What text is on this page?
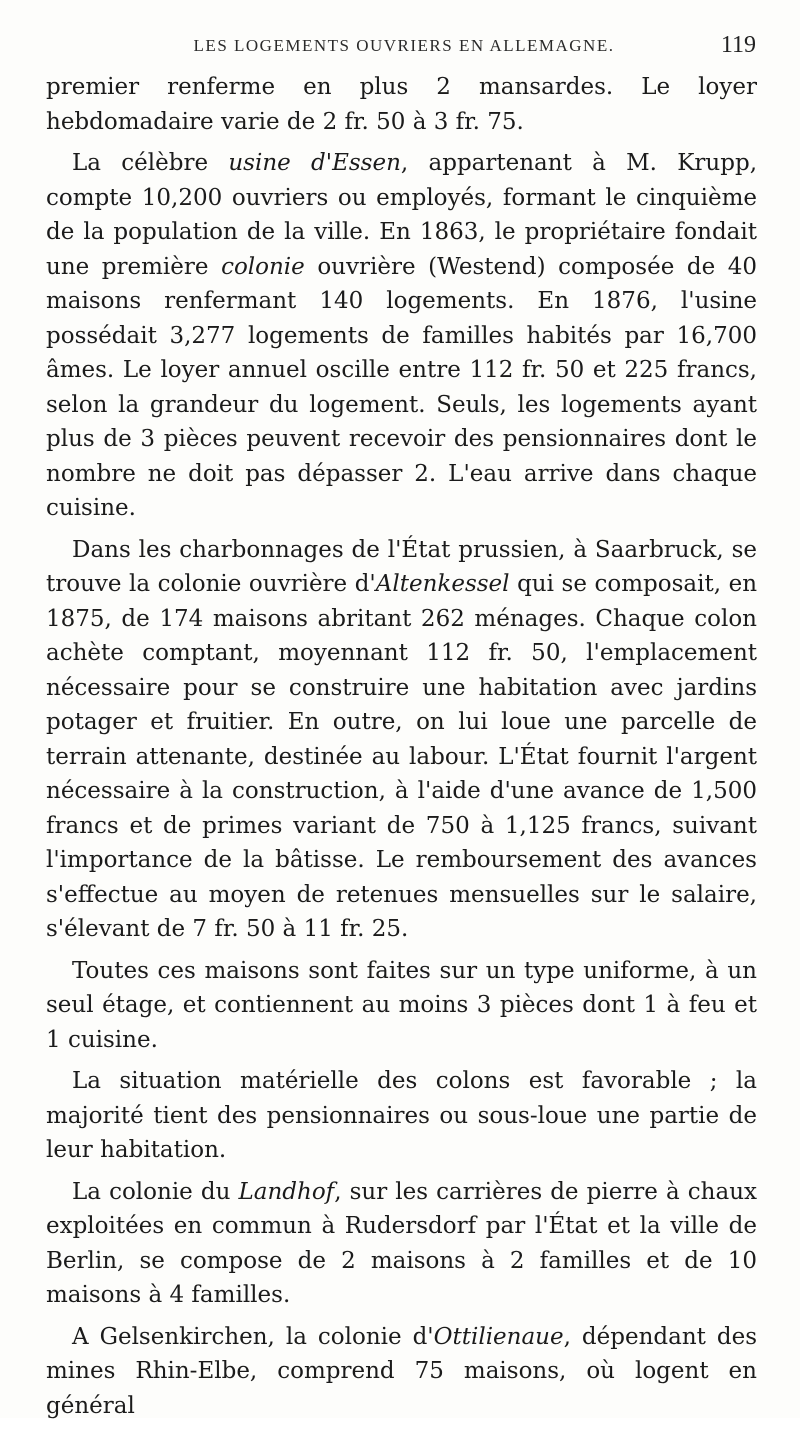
LES LOGEMENTS OUVRIERS EN ALLEMAGNE.	119

premier renferme en plus 2 mansardes. Le loyer hebdomadaire varie de 2 fr. 50 à 3 fr. 75.

La célèbre usine d'Essen, appartenant à M. Krupp, compte 10,200 ouvriers ou employés, formant le cinquième de la population de la ville. En 1863, le propriétaire fondait une première colonie ouvrière (Westend) composée de 40 maisons renfermant 140 logements. En 1876, l'usine possédait 3,277 logements de familles habités par 16,700 âmes. Le loyer annuel oscille entre 112 fr. 50 et 225 francs, selon la grandeur du logement. Seuls, les logements ayant plus de 3 pièces peuvent recevoir des pensionnaires dont le nombre ne doit pas dépasser 2. L'eau arrive dans chaque cuisine.

Dans les charbonnages de l'État prussien, à Saarbruck, se trouve la colonie ouvrière d'Altenkessel qui se composait, en 1875, de 174 maisons abritant 262 ménages. Chaque colon achète comptant, moyennant 112 fr. 50, l'emplacement nécessaire pour se construire une habitation avec jardins potager et fruitier. En outre, on lui loue une parcelle de terrain attenante, destinée au labour. L'État fournit l'argent nécessaire à la construction, à l'aide d'une avance de 1,500 francs et de primes variant de 750 à 1,125 francs, suivant l'importance de la bâtisse. Le remboursement des avances s'effectue au moyen de retenues mensuelles sur le salaire, s'élevant de 7 fr. 50 à 11 fr. 25.

Toutes ces maisons sont faites sur un type uniforme, à un seul étage, et contiennent au moins 3 pièces dont 1 à feu et 1 cuisine.

La situation matérielle des colons est favorable ; la majorité tient des pensionnaires ou sous-loue une partie de leur habitation.

La colonie du Landhof, sur les carrières de pierre à chaux exploitées en commun à Rudersdorf par l'État et la ville de Berlin, se compose de 2 maisons à 2 familles et de 10 maisons à 4 familles.

A Gelsenkirchen, la colonie d'Ottilienaue, dépendant des mines Rhin-Elbe, comprend 75 maisons, où logent en général
